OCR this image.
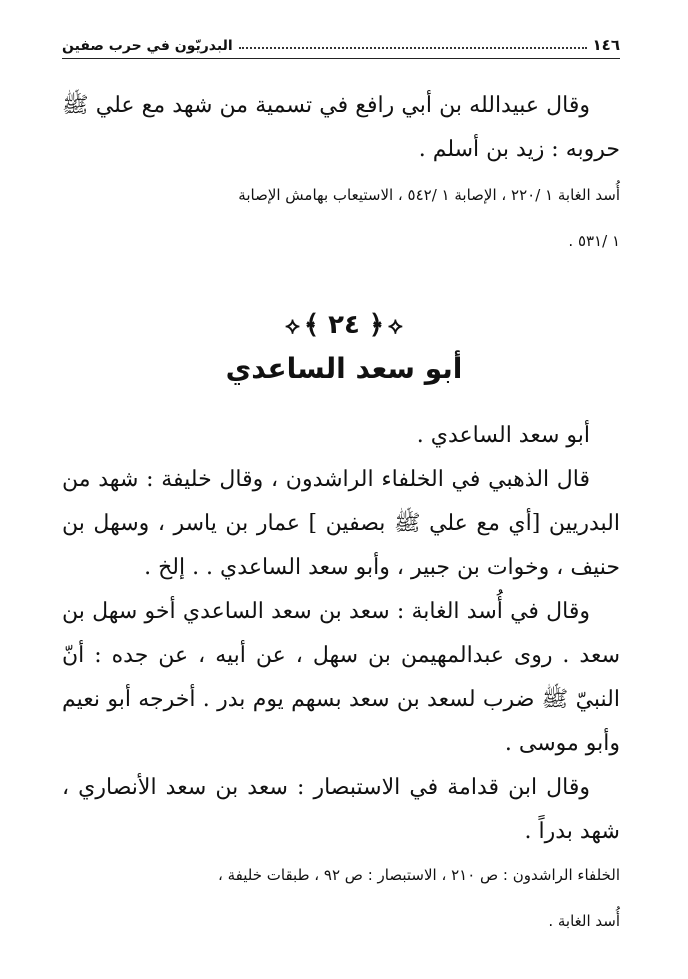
١٤٦
البدريّون في حرب صفين

وقال عبيدالله بن أبي رافع في تسمية من شهد مع علي ﷺ حروبه : زيد بن أسلم .

أُسد الغابة ١ /٢٢٠ ، الإصابة ١ /٥٤٢ ، الاستيعاب بهامش الإصابة
١ /٥٣١ .
⟡﴿ ٢٤ ﴾⟡
أبو سعد الساعدي

أبو سعد الساعدي .

قال الذهبي في الخلفاء الراشدون ، وقال خليفة : شهد من البدريين [أي مع علي ﷺ بصفين ] عمار بن ياسر ، وسهل بن حنيف ، وخوات بن جبير ، وأبو سعد الساعدي . . إلخ .

وقال في أُسد الغابة : سعد بن سعد الساعدي أخو سهل بن سعد . روى عبدالمهيمن بن سهل ، عن أبيه ، عن جده : أنّ النبيّ ﷺ ضرب لسعد بن سعد بسهم يوم بدر . أخرجه أبو نعيم وأبو موسى .

وقال ابن قدامة في الاستبصار : سعد بن سعد الأنصاري ، شهد بدراً .

الخلفاء الراشدون : ص ٢١٠ ، الاستبصار : ص ٩٢ ، طبقات خليفة ،
أُسد الغابة .
